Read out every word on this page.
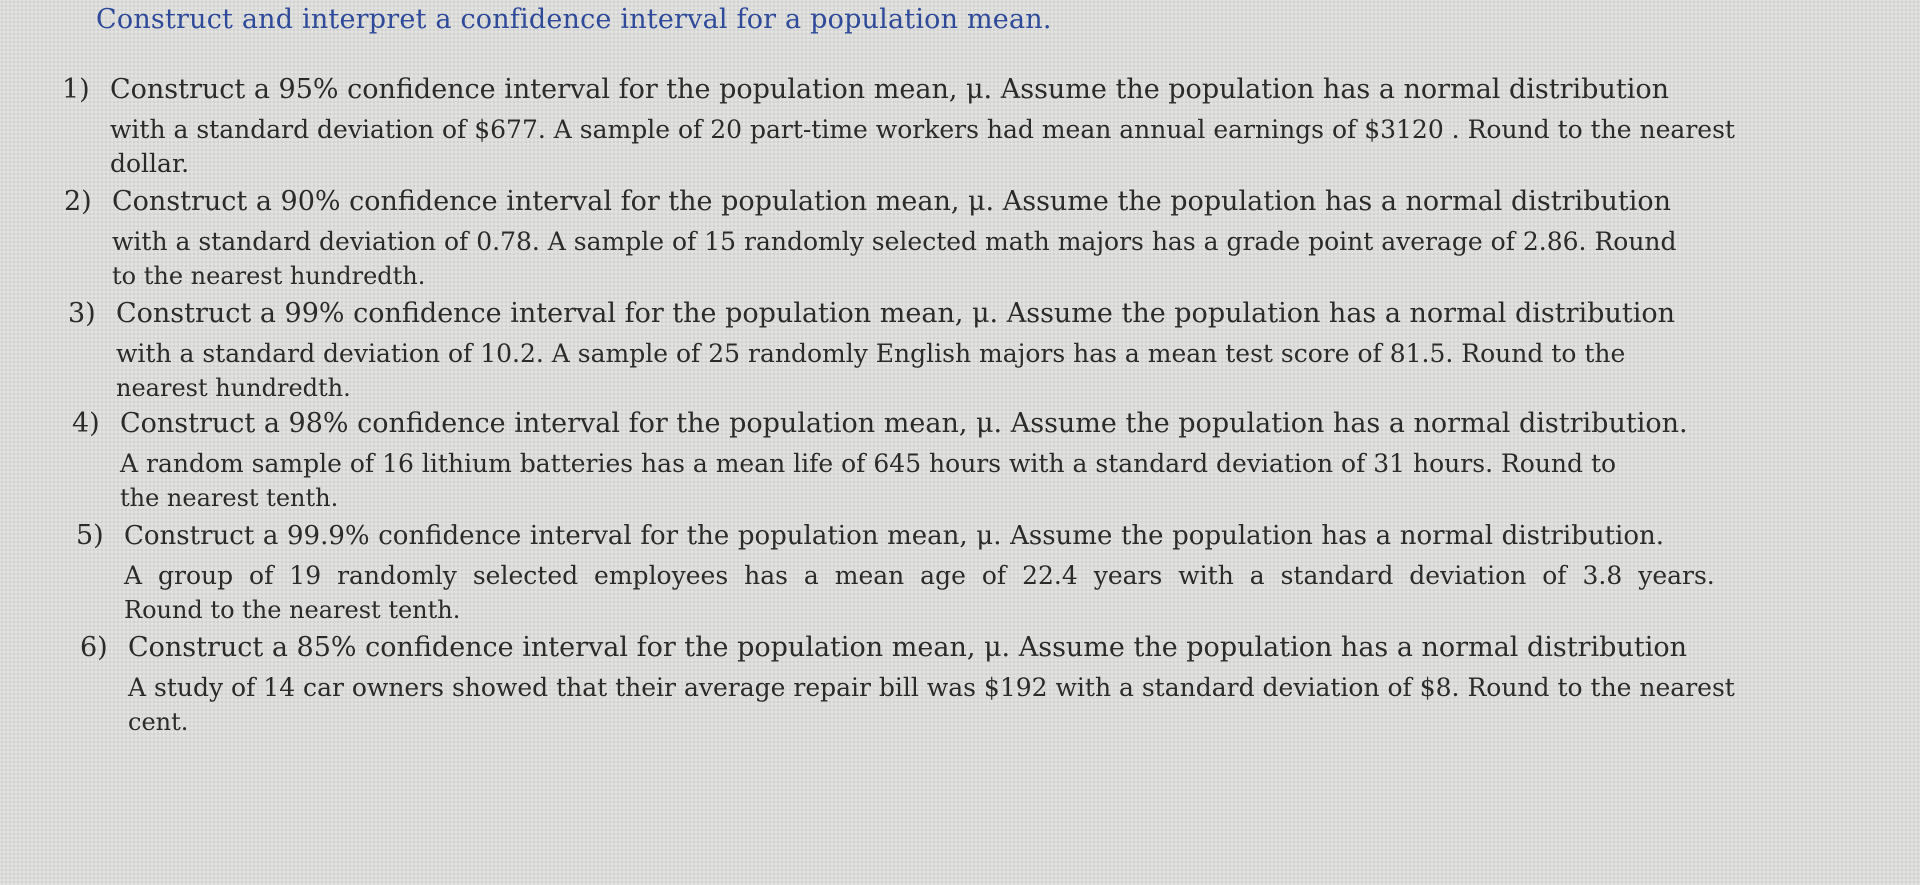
Construct and interpret a confidence interval for a population mean.
1) Construct a 95% confidence interval for the population mean, μ. Assume the population has a normal distribution
with a standard deviation of $677. A sample of 20 part-time workers had mean annual earnings of $3120 . Round to the nearest
dollar.
2) Construct a 90% confidence interval for the population mean, μ. Assume the population has a normal distribution
with a standard deviation of 0.78. A sample of 15 randomly selected math majors has a grade point average of 2.86. Round
to the nearest hundredth.
3) Construct a 99% confidence interval for the population mean, μ. Assume the population has a normal distribution
with a standard deviation of 10.2. A sample of 25 randomly English majors has a mean test score of 81.5. Round to the
nearest hundredth.
4) Construct a 98% confidence interval for the population mean, μ. Assume the population has a normal distribution.
A random sample of 16 lithium batteries has a mean life of 645 hours with a standard deviation of 31 hours. Round to
the nearest tenth.
5) Construct a 99.9% confidence interval for the population mean, μ. Assume the population has a normal distribution.
A group of 19 randomly selected employees has a mean age of 22.4 years with a standard deviation of 3.8 years.
Round to the nearest tenth.
6) Construct a 85% confidence interval for the population mean, μ. Assume the population has a normal distribution
A study of 14 car owners showed that their average repair bill was $192 with a standard deviation of $8. Round to the nearest
cent.
